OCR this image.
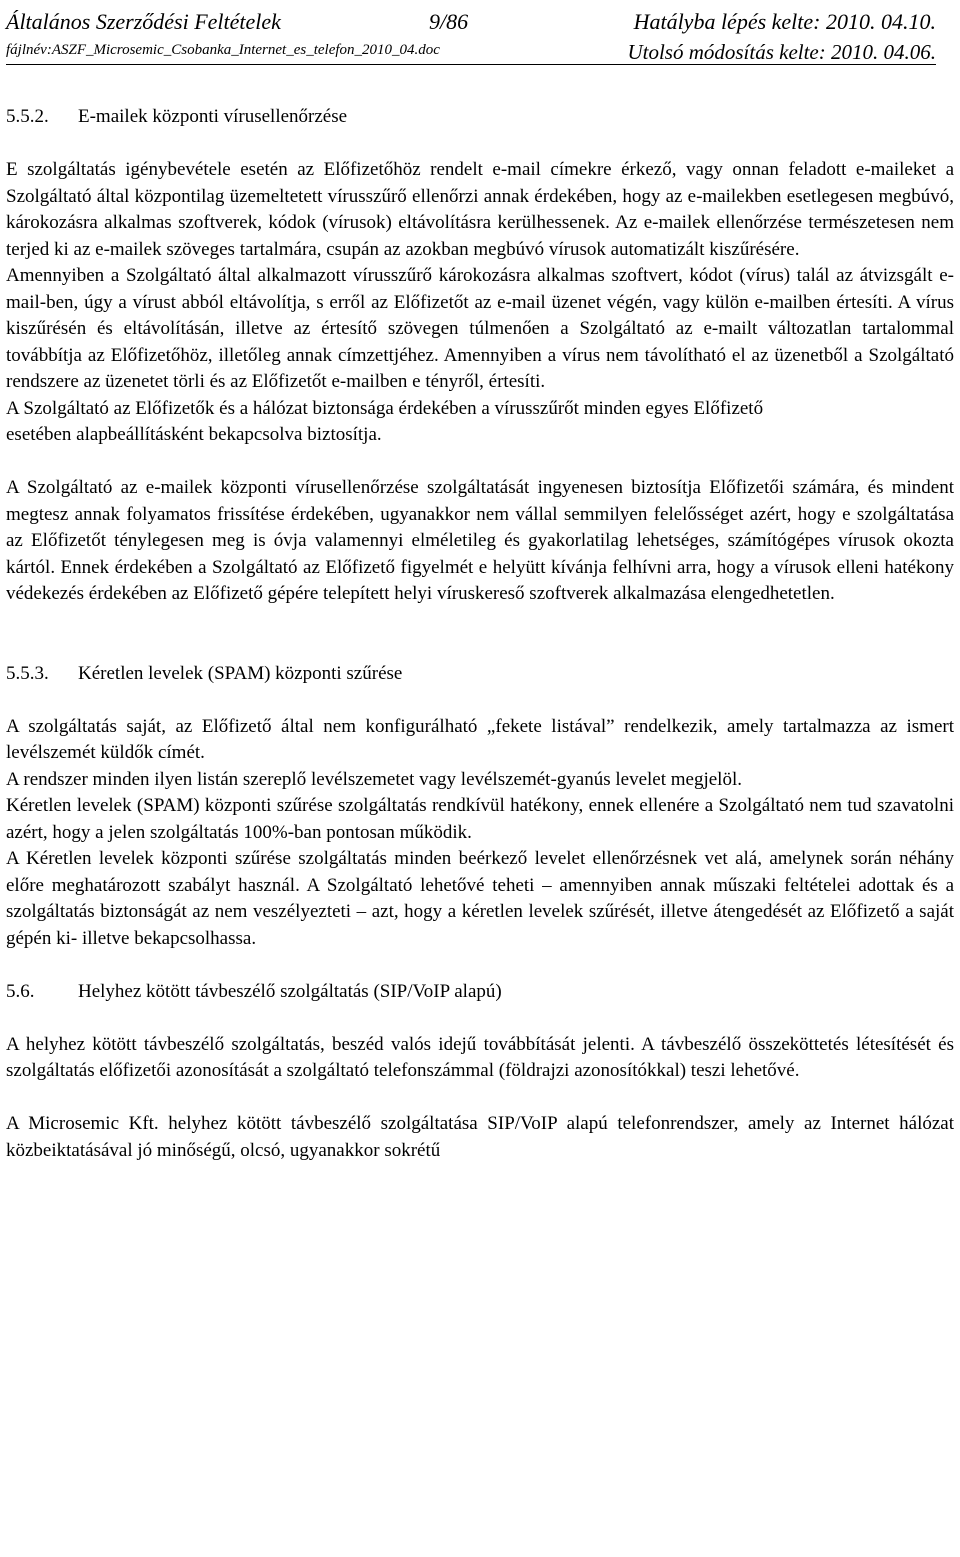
Általános Szerződési Feltételek	9/86	Hatályba lépés kelte: 2010. 04.10.
fájlnév:ASZF_Microsemic_Csobanka_Internet_es_telefon_2010_04.doc	Utolsó módosítás kelte: 2010. 04.06.

5.5.2. E-mailek központi vírusellenőrzése

E szolgáltatás igénybevétele esetén az Előfizetőhöz rendelt e-mail címekre érkező, vagy onnan feladott e-maileket a Szolgáltató által központilag üzemeltetett vírusszűrő ellenőrzi annak érdekében, hogy az e-mailekben esetlegesen megbúvó, károkozásra alkalmas szoftverek, kódok (vírusok) eltávolításra kerülhessenek. Az e-mailek ellenőrzése természetesen nem terjed ki az e-mailek szöveges tartalmára, csupán az azokban megbúvó vírusok automatizált kiszűrésére.

Amennyiben a Szolgáltató által alkalmazott vírusszűrő károkozásra alkalmas szoftvert, kódot (vírus) talál az átvizsgált e-mail-ben, úgy a vírust abból eltávolítja, s erről az Előfizetőt az e-mail üzenet végén, vagy külön e-mailben értesíti. A vírus kiszűrésén és eltávolításán, illetve az értesítő szövegen túlmenően a Szolgáltató az e-mailt változatlan tartalommal továbbítja az Előfizetőhöz, illetőleg annak címzettjéhez. Amennyiben a vírus nem távolítható el az üzenetből a Szolgáltató rendszere az üzenetet törli és az Előfizetőt e-mailben e tényről, értesíti.

A Szolgáltató az Előfizetők és a hálózat biztonsága érdekében a vírusszűrőt minden egyes Előfizető

esetében alapbeállításként bekapcsolva biztosítja.

A Szolgáltató az e-mailek központi vírusellenőrzése szolgáltatását ingyenesen biztosítja Előfizetői számára, és mindent megtesz annak folyamatos frissítése érdekében, ugyanakkor nem vállal semmilyen felelősséget azért, hogy e szolgáltatása az Előfizetőt ténylegesen meg is óvja valamennyi elméletileg és gyakorlatilag lehetséges, számítógépes vírusok okozta kártól. Ennek érdekében a Szolgáltató az Előfizető figyelmét e helyütt kívánja felhívni arra, hogy a vírusok elleni hatékony védekezés érdekében az Előfizető gépére telepített helyi víruskereső szoftverek alkalmazása elengedhetetlen.

5.5.3. Kéretlen levelek (SPAM) központi szűrése

A szolgáltatás saját, az Előfizető által nem konfigurálható „fekete listával” rendelkezik, amely tartalmazza az ismert levélszemét küldők címét.

A rendszer minden ilyen listán szereplő levélszemetet vagy levélszemét-gyanús levelet megjelöl.

Kéretlen levelek (SPAM) központi szűrése szolgáltatás rendkívül hatékony, ennek ellenére a Szolgáltató nem tud szavatolni azért, hogy a jelen szolgáltatás 100%-ban pontosan működik.

A Kéretlen levelek központi szűrése szolgáltatás minden beérkező levelet ellenőrzésnek vet alá, amelynek során néhány előre meghatározott szabályt használ. A Szolgáltató lehetővé teheti – amennyiben annak műszaki feltételei adottak és a szolgáltatás biztonságát az nem veszélyezteti – azt, hogy a kéretlen levelek szűrését, illetve átengedését az Előfizető a saját gépén ki- illetve bekapcsolhassa.

5.6. Helyhez kötött távbeszélő szolgáltatás (SIP/VoIP alapú)

A helyhez kötött távbeszélő szolgáltatás, beszéd valós idejű továbbítását jelenti. A távbeszélő összeköttetés létesítését és szolgáltatás előfizetői azonosítását a szolgáltató telefonszámmal (földrajzi azonosítókkal) teszi lehetővé.

A Microsemic Kft. helyhez kötött távbeszélő szolgáltatása SIP/VoIP alapú telefonrendszer, amely az Internet hálózat közbeiktatásával jó minőségű, olcsó, ugyanakkor sokrétű
